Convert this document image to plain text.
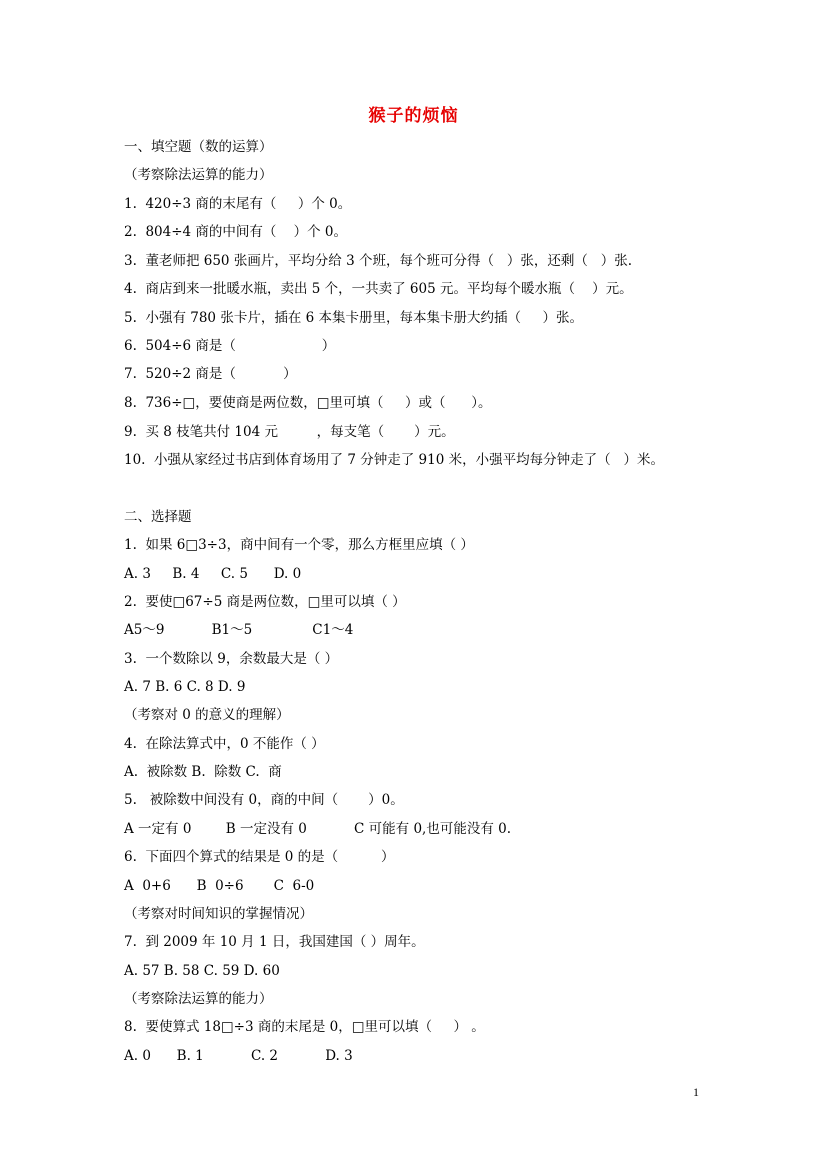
猴子的烦恼
一、填空题（数的运算）
（考察除法运算的能力）
1.  420÷3 商的末尾有（     ）个 0。
2.  804÷4 商的中间有（    ）个 0。
3.  董老师把 650 张画片，平均分给 3 个班，每个班可分得（   ）张，还剩（   ）张.
4.  商店到来一批暖水瓶，卖出 5 个，一共卖了 605 元。平均每个暖水瓶（    ）元。
5.  小强有 780 张卡片，插在 6 本集卡册里，每本集卡册大约插（     ）张。
6.  504÷6 商是（                    ）
7.  520÷2 商是（           ）
8.  736÷□，要使商是两位数，□里可填（     ）或（      ）。
9.  买 8 枝笔共付 104 元         ，每支笔（       ）元。
10.  小强从家经过书店到体育场用了 7 分钟走了 910 米，小强平均每分钟走了（   ）米。
二、选择题
1.  如果 6□3÷3，商中间有一个零，那么方框里应填（ ）
A. 3     B. 4     C. 5      D. 0
2.  要使□67÷5 商是两位数，□里可以填（ ）
A5～9           B1～5              C1～4
3.  一个数除以 9，余数最大是（ ）
A. 7 B. 6 C. 8 D. 9
（考察对 0 的意义的理解）
4.  在除法算式中，0 不能作（ ）
A.  被除数 B.  除数 C.  商
5.   被除数中间没有 0，商的中间（       ）0。
A 一定有 0        B 一定没有 0           C 可能有 0,也可能没有 0.
6.  下面四个算式的结果是 0 的是（          ）
A  0+6      B  0÷6       C  6-0
（考察对时间知识的掌握情况）
7.  到 2009 年 10 月 1 日，我国建国（ ）周年。
A. 57 B. 58 C. 59 D. 60
（考察除法运算的能力）
8.  要使算式 18□÷3 商的末尾是 0，□里可以填（     ） 。
A. 0      B. 1           C. 2           D. 3
1
